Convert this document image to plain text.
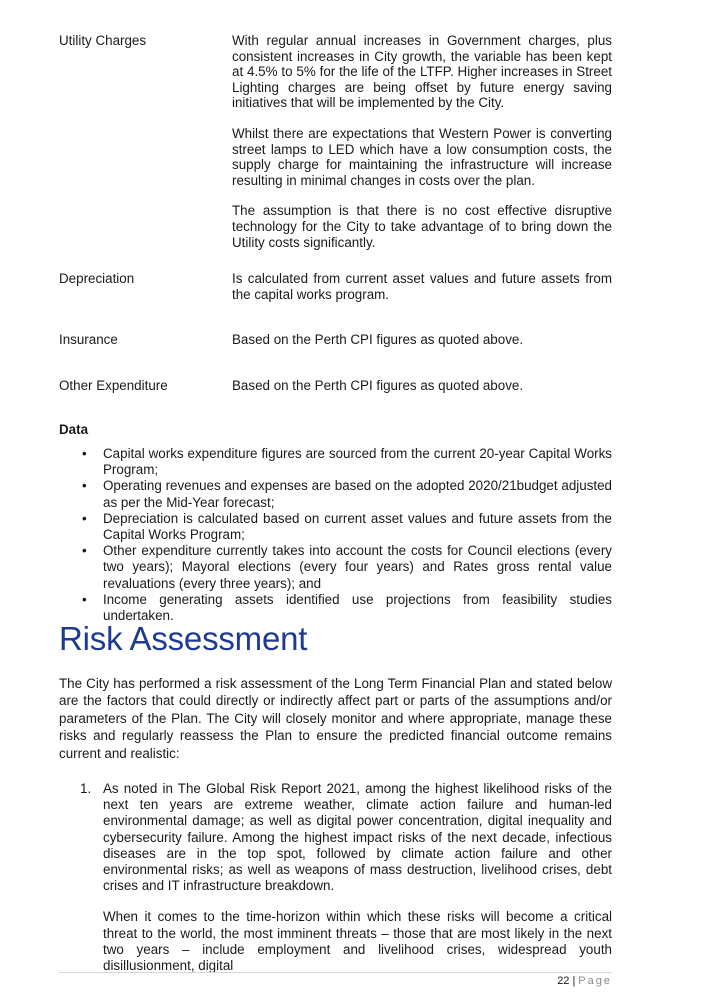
Utility Charges	With regular annual increases in Government charges, plus consistent increases in City growth, the variable has been kept at 4.5% to 5% for the life of the LTFP. Higher increases in Street Lighting charges are being offset by future energy saving initiatives that will be implemented by the City.

Whilst there are expectations that Western Power is converting street lamps to LED which have a low consumption costs, the supply charge for maintaining the infrastructure will increase resulting in minimal changes in costs over the plan.

The assumption is that there is no cost effective disruptive technology for the City to take advantage of to bring down the Utility costs significantly.

Depreciation	Is calculated from current asset values and future assets from the capital works program.

Insurance	Based on the Perth CPI figures as quoted above.

Other Expenditure	Based on the Perth CPI figures as quoted above.

Data
• Capital works expenditure figures are sourced from the current 20-year Capital Works Program;
• Operating revenues and expenses are based on the adopted 2020/21budget adjusted as per the Mid-Year forecast;
• Depreciation is calculated based on current asset values and future assets from the Capital Works Program;
• Other expenditure currently takes into account the costs for Council elections (every two years); Mayoral elections (every four years) and Rates gross rental value revaluations (every three years); and
• Income generating assets identified use projections from feasibility studies undertaken.
Risk Assessment

The City has performed a risk assessment of the Long Term Financial Plan and stated below are the factors that could directly or indirectly affect part or parts of the assumptions and/or parameters of the Plan. The City will closely monitor and where appropriate, manage these risks and regularly reassess the Plan to ensure the predicted financial outcome remains current and realistic:

1. As noted in The Global Risk Report 2021, among the highest likelihood risks of the next ten years are extreme weather, climate action failure and human-led environmental damage; as well as digital power concentration, digital inequality and cybersecurity failure. Among the highest impact risks of the next decade, infectious diseases are in the top spot, followed by climate action failure and other environmental risks; as well as weapons of mass destruction, livelihood crises, debt crises and IT infrastructure breakdown.

When it comes to the time-horizon within which these risks will become a critical threat to the world, the most imminent threats – those that are most likely in the next two years – include employment and livelihood crises, widespread youth disillusionment, digital

22 | Page
